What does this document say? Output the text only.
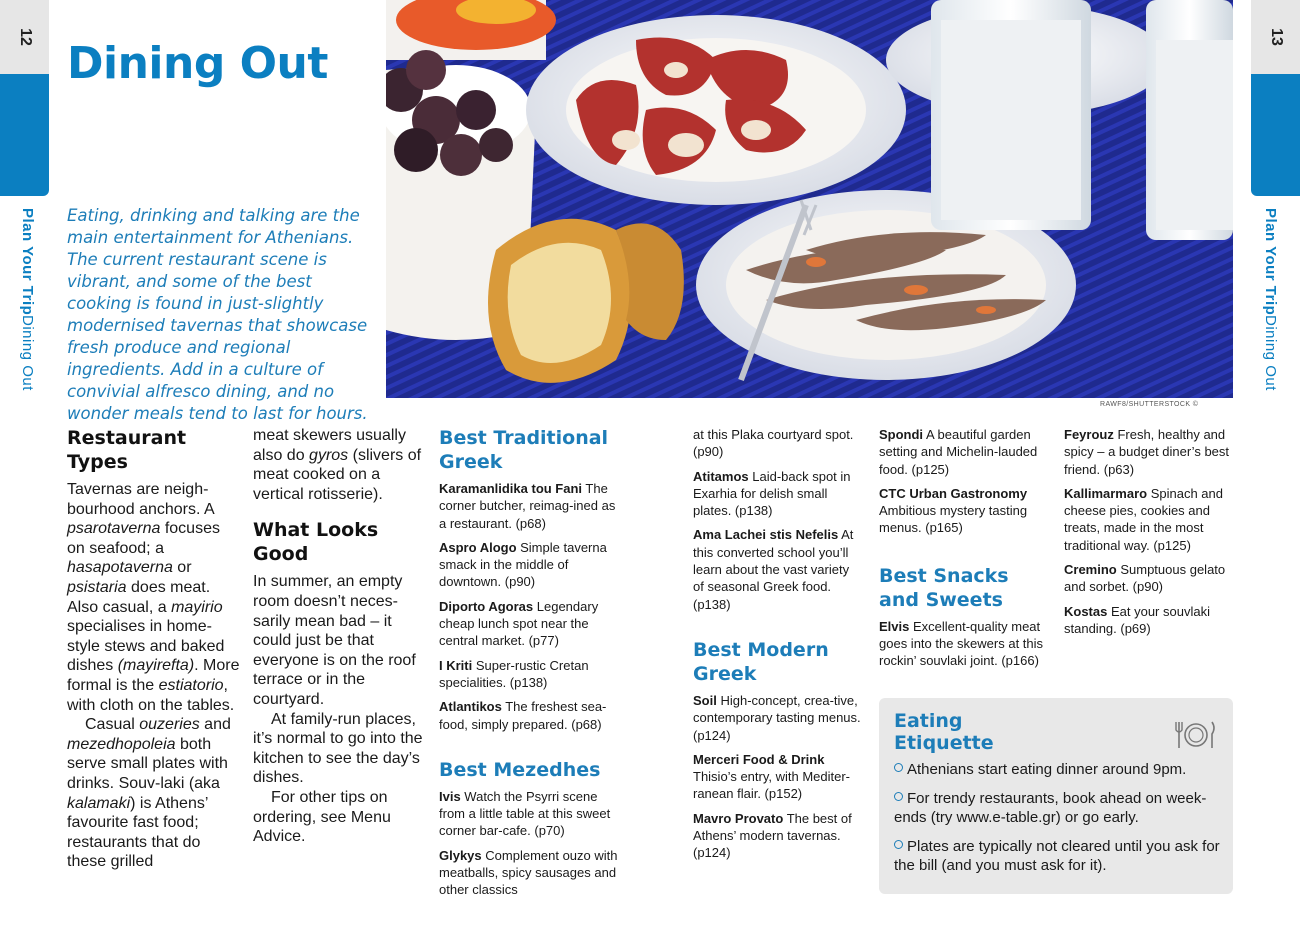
12	13
Plan Your TripDining Out
Plan Your TripDining Out
Dining Out
Eating, drinking and talking are the main entertainment for Athenians. The current restaurant scene is vibrant, and some of the best cooking is found in just-slightly modernised tavernas that showcase fresh produce and regional ingredients. Add in a culture of convivial alfresco dining, and no wonder meals tend to last for hours.	RAWF8/SHUTTERSTOCK ©
Restaurant Types

Tavernas are neigh-bourhood anchors. A psarotaverna focuses on seafood; a hasapotaverna or psistaria does meat. Also casual, a mayirio specialises in home-style stews and baked dishes (mayirefta). More formal is the estiatorio, with cloth on the tables.

Casual ouzeries and mezedhopoleia both serve small plates with drinks. Souv-laki (aka kalamaki) is Athens’ favourite fast food; restaurants that do these grilled

meat skewers usually also do gyros (slivers of meat cooked on a vertical rotisserie).

What Looks Good

In summer, an empty room doesn’t neces-sarily mean bad – it could just be that everyone is on the roof terrace or in the courtyard.

At family-run places, it’s normal to go into the kitchen to see the day’s dishes.

For other tips on ordering, see Menu Advice.

Best Traditional Greek

Karamanlidika tou Fani The corner butcher, reimag-ined as a restaurant. (p68)

Aspro Alogo Simple taverna smack in the middle of downtown. (p90)

Diporto Agoras Legendary cheap lunch spot near the central market. (p77)

I Kriti Super-rustic Cretan specialities. (p138)

Atlantikos The freshest sea-food, simply prepared. (p68)

Best Mezedhes

Ivis Watch the Psyrri scene from a little table at this sweet corner bar-cafe. (p70)

Glykys Complement ouzo with meatballs, spicy sausages and other classics

at this Plaka courtyard spot. (p90)

Atitamos Laid-back spot in Exarhia for delish small plates. (p138)

Ama Lachei stis Nefelis At this converted school you’ll learn about the vast variety of seasonal Greek food. (p138)

Best Modern Greek

Soil High-concept, crea-tive, contemporary tasting menus. (p124)

Merceri Food & Drink Thisio’s entry, with Mediter-ranean flair. (p152)

Mavro Provato The best of Athens’ modern tavernas. (p124)

Spondi A beautiful garden setting and Michelin-lauded food. (p125)

CTC Urban Gastronomy Ambitious mystery tasting menus. (p165)

Best Snacks and Sweets

Elvis Excellent-quality meat goes into the skewers at this rockin’ souvlaki joint. (p166)

Feyrouz Fresh, healthy and spicy – a budget diner’s best friend. (p63)

Kallimarmaro Spinach and cheese pies, cookies and treats, made in the most traditional way. (p125)

Cremino Sumptuous gelato and sorbet. (p90)

Kostas Eat your souvlaki standing. (p69)

Eating Etiquette
Athenians start eating dinner around 9pm.
For trendy restaurants, book ahead on week-ends (try www.e-table.gr) or go early.
Plates are typically not cleared until you ask for the bill (and you must ask for it).
